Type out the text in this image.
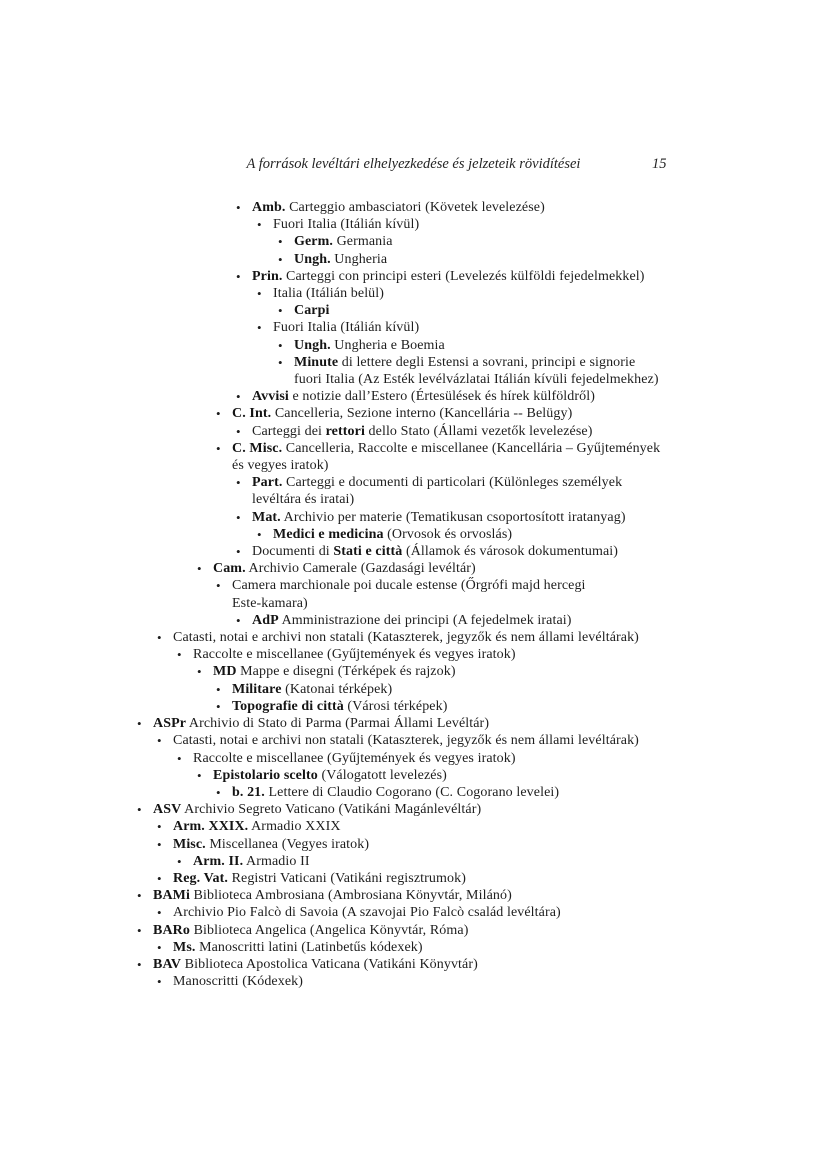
A források levéltári elhelyezkedése és jelzeteik rövidítései	15
• Amb. Carteggio ambasciatori (Követek levelezése)
• Fuori Italia (Itálián kívül)
• Germ. Germania
• Ungh. Ungheria
• Prin. Carteggi con principi esteri (Levelezés külföldi fejedelmekkel)
• Italia (Itálián belül)
• Carpi
• Fuori Italia (Itálián kívül)
• Ungh. Ungheria e Boemia
• Minute di lettere degli Estensi a sovrani, principi e signorie
fuori Italia (Az Esték levélvázlatai Itálián kívüli fejedelmekhez)
• Avvisi e notizie dall’Estero (Értesülések és hírek külföldről)
• C. Int. Cancelleria, Sezione interno (Kancellária -- Belügy)
• Carteggi dei rettori dello Stato (Állami vezetők levelezése)
• C. Misc. Cancelleria, Raccolte e miscellanee (Kancellária – Gyűjtemények
és vegyes iratok)
• Part. Carteggi e documenti di particolari (Különleges személyek
levéltára és iratai)
• Mat. Archivio per materie (Tematikusan csoportosított iratanyag)
• Medici e medicina (Orvosok és orvoslás)
• Documenti di Stati e città (Államok és városok dokumentumai)
• Cam. Archivio Camerale (Gazdasági levéltár)
• Camera marchionale poi ducale estense (Őrgrófi majd hercegi
Este-kamara)
• AdP Amministrazione dei principi (A fejedelmek iratai)
• Catasti, notai e archivi non statali (Kataszterek, jegyzők és nem állami levéltárak)
• Raccolte e miscellanee (Gyűjtemények és vegyes iratok)
• MD Mappe e disegni (Térképek és rajzok)
• Militare (Katonai térképek)
• Topografie di città (Városi térképek)
• ASPr Archivio di Stato di Parma (Parmai Állami Levéltár)
• Catasti, notai e archivi non statali (Kataszterek, jegyzők és nem állami levéltárak)
• Raccolte e miscellanee (Gyűjtemények és vegyes iratok)
• Epistolario scelto (Válogatott levelezés)
• b. 21. Lettere di Claudio Cogorano (C. Cogorano levelei)
• ASV Archivio Segreto Vaticano (Vatikáni Magánlevéltár)
• Arm. XXIX. Armadio XXIX
• Misc. Miscellanea (Vegyes iratok)
• Arm. II. Armadio II
• Reg. Vat. Registri Vaticani (Vatikáni regisztrumok)
• BAMi Biblioteca Ambrosiana (Ambrosiana Könyvtár, Milánó)
• Archivio Pio Falcò di Savoia (A szavojai Pio Falcò család levéltára)
• BARo Biblioteca Angelica (Angelica Könyvtár, Róma)
• Ms. Manoscritti latini (Latinbetűs kódexek)
• BAV Biblioteca Apostolica Vaticana (Vatikáni Könyvtár)
• Manoscritti (Kódexek)
